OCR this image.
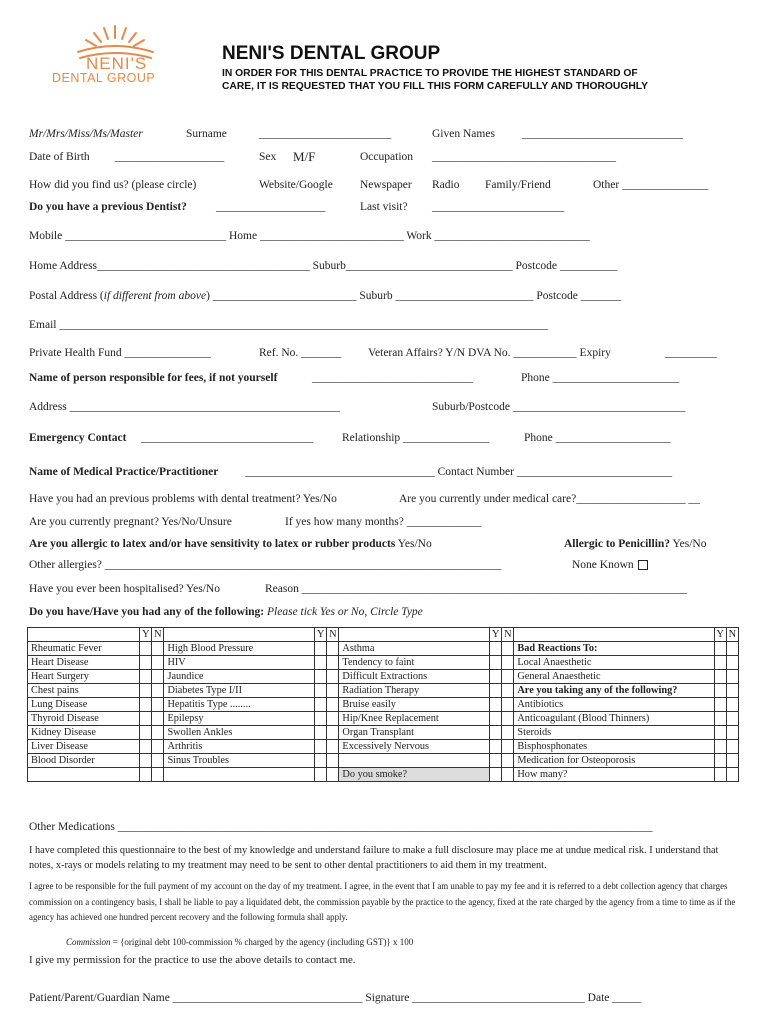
NENI'S
DENTAL GROUP
NENI'S DENTAL GROUP
IN ORDER FOR THIS DENTAL PRACTICE TO PROVIDE THE HIGHEST STANDARD OF
CARE, IT IS REQUESTED THAT YOU FILL THIS FORM CAREFULLY AND THOROUGHLY
Mr/Mrs/Miss/Ms/Master	Surname	_______________________	Given Names ____________________________
Date of Birth ___________________	Sex M/F	Occupation ________________________________
How did you find us? (please circle)	Website/Google Newspaper Radio Family/Friend	Other _______________
Do you have a previous Dentist?	___________________	Last visit? _______________________
Mobile ____________________________ Home _________________________ Work ___________________________
Home Address_____________________________________ Suburb_____________________________ Postcode __________
Postal Address (if different from above) _________________________ Suburb ________________________ Postcode _______
Email _____________________________________________________________________________________
Private Health Fund _______________	Ref. No. _______ Veteran Affairs? Y/N DVA No. ___________ Expiry	_________
Name of person responsible for fees, if not yourself	____________________________	Phone ______________________
Address _______________________________________________	Suburb/Postcode ______________________________
Emergency Contact ______________________________ Relationship _______________	Phone ____________________
Name of Medical Practice/Practitioner _________________________________ Contact Number ___________________________
Have you had an previous problems with dental treatment? Yes/No	Are you currently under medical care?___________________ __
Are you currently pregnant? Yes/No/Unsure	If yes how many months? _____________
Are you allergic to latex and/or have sensitivity to latex or rubber products Yes/No	Allergic to Penicillin? Yes/No
Other allergies? _____________________________________________________________________	None Known
Have you ever been hospitalised? Yes/No	Reason ___________________________________________________________________
Do you have/Have you had any of the following: Please tick Yes or No, Circle Type
	Y	N		Y	N		Y	N		Y	N
Rheumatic Fever			High Blood Pressure			Asthma			Bad Reactions To:		
Heart Disease			HIV			Tendency to faint			Local Anaesthetic		
Heart Surgery			Jaundice			Difficult Extractions			General Anaesthetic		
Chest pains			Diabetes Type I/II			Radiation Therapy			Are you taking any of the following?		
Lung Disease			Hepatitis Type ........			Bruise easily			Antibiotics		
Thyroid Disease			Epilepsy			Hip/Knee Replacement			Anticoagulant (Blood Thinners)		
Kidney Disease			Swollen Ankles			Organ Transplant			Steroids		
Liver Disease			Arthritis			Excessively Nervous			Bisphosphonates		
Blood Disorder			Sinus Troubles						Medication for Osteoporosis		
						Do you smoke?			How many?		
Other Medications _____________________________________________________________________________________________
I have completed this questionnaire to the best of my knowledge and understand failure to make a full disclosure may place me at undue medical risk. I understand that notes, x-rays or models relating to my treatment may need to be sent to other dental practitioners to aid them in my treatment.
I agree to be responsible for the full payment of my account on the day of my treatment. I agree, in the event that I am unable to pay my fee and it is referred to a debt collection agency that charges commission on a contingency basis, I shall be liable to pay a liquidated debt, the commission payable by the practice to the agency, fixed at the rate charged by the agency from a time to time as if the agency has achieved one hundred percent recovery and the following formula shall apply.
Commission = {original debt 100-commission % charged by the agency (including GST)} x 100
I give my permission for the practice to use the above details to contact me.
Patient/Parent/Guardian Name _________________________________ Signature ______________________________ Date _____
